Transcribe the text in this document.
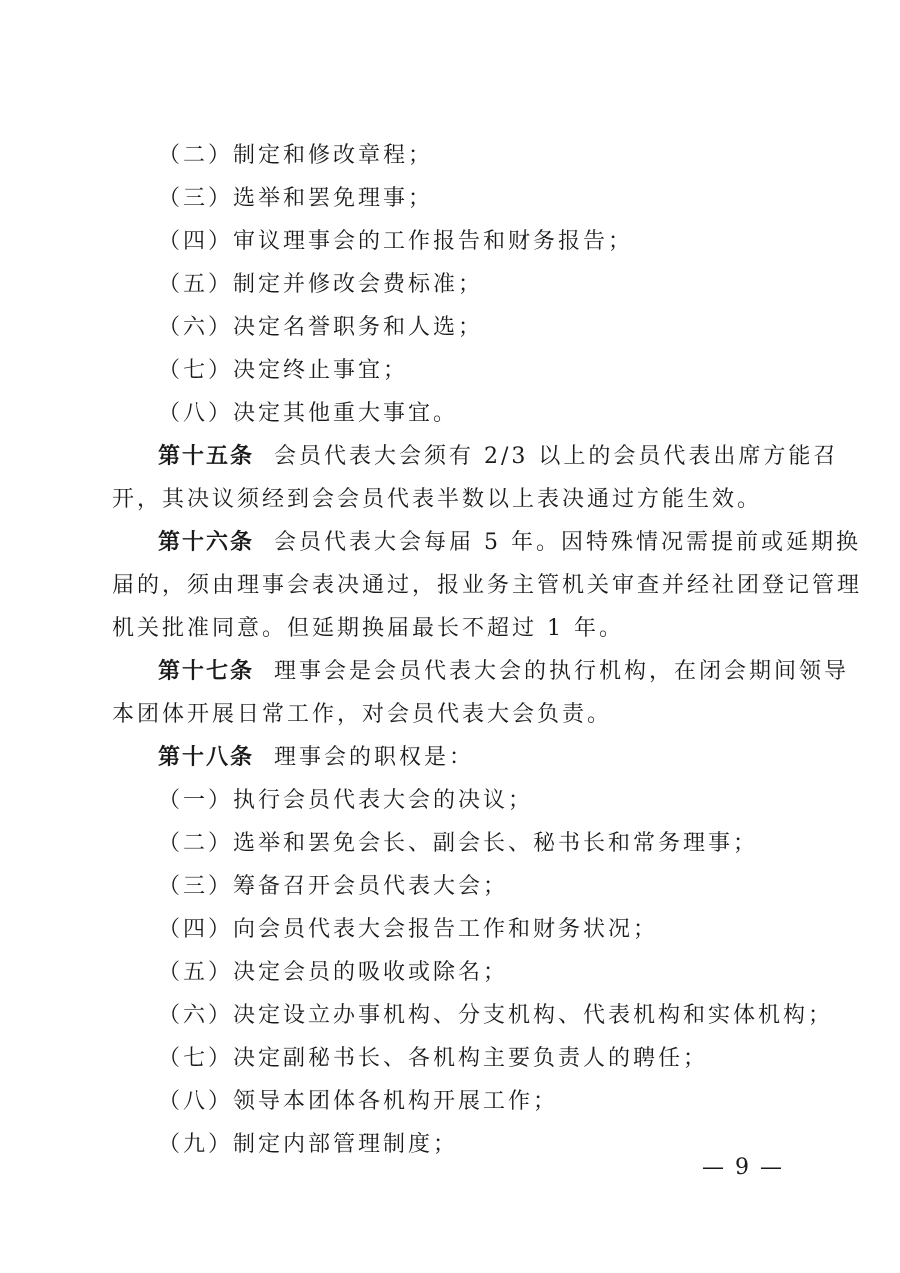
（二）制定和修改章程；
（三）选举和罢免理事；
（四）审议理事会的工作报告和财务报告；
（五）制定并修改会费标准；
（六）决定名誉职务和人选；
（七）决定终止事宜；
（八）决定其他重大事宜。
第十五条 会员代表大会须有 2/3 以上的会员代表出席方能召
开，其决议须经到会会员代表半数以上表决通过方能生效。
第十六条 会员代表大会每届 5 年。因特殊情况需提前或延期换
届的，须由理事会表决通过，报业务主管机关审查并经社团登记管理
机关批准同意。但延期换届最长不超过 1 年。
第十七条 理事会是会员代表大会的执行机构，在闭会期间领导
本团体开展日常工作，对会员代表大会负责。
第十八条 理事会的职权是：
（一）执行会员代表大会的决议；
（二）选举和罢免会长、副会长、秘书长和常务理事；
（三）筹备召开会员代表大会；
（四）向会员代表大会报告工作和财务状况；
（五）决定会员的吸收或除名；
（六）决定设立办事机构、分支机构、代表机构和实体机构；
（七）决定副秘书长、各机构主要负责人的聘任；
（八）领导本团体各机构开展工作；
（九）制定内部管理制度；
— 9 —
